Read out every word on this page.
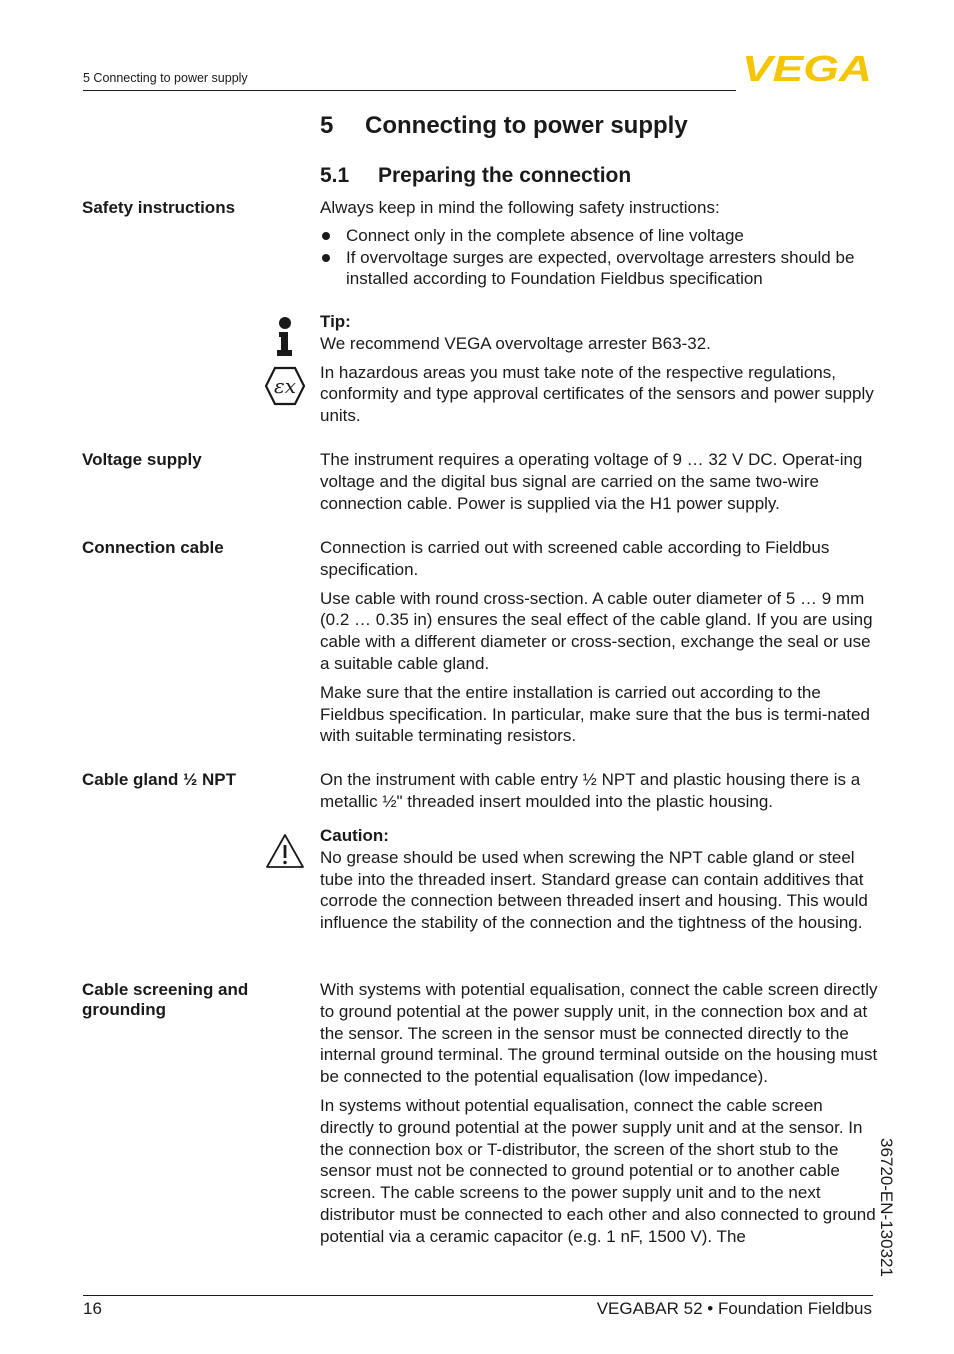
5 Connecting to power supply	VEGA
5 Connecting to power supply
5.1 Preparing the connection
Safety instructions	Always keep in mind the following safety instructions:

Connect only in the complete absence of line voltage
If overvoltage surges are expected, overvoltage arresters should be installed according to Foundation Fieldbus specification

Tip:

We recommend VEGA overvoltage arrester B63-32.

In hazardous areas you must take note of the respective regulations, conformity and type approval certificates of the sensors and power supply units.

εx
Voltage supply	The instrument requires a operating voltage of 9 … 32 V DC. Operat-ing voltage and the digital bus signal are carried on the same two-wire connection cable. Power is supplied via the H1 power supply.
Connection cable	Connection is carried out with screened cable according to Fieldbus specification.

Use cable with round cross-section. A cable outer diameter of 5 … 9 mm (0.2 … 0.35 in) ensures the seal effect of the cable gland. If you are using cable with a different diameter or cross-section, exchange the seal or use a suitable cable gland.

Make sure that the entire installation is carried out according to the Fieldbus specification. In particular, make sure that the bus is termi-nated with suitable terminating resistors.

Cable gland ½ NPT	On the instrument with cable entry ½ NPT and plastic housing there is a metallic ½" threaded insert moulded into the plastic housing.

Caution:

No grease should be used when screwing the NPT cable gland or steel tube into the threaded insert. Standard grease can contain additives that corrode the connection between threaded insert and housing. This would influence the stability of the connection and the tightness of the housing.

Cable screening and grounding

With systems with potential equalisation, connect the cable screen directly to ground potential at the power supply unit, in the connection box and at the sensor. The screen in the sensor must be connected directly to the internal ground terminal. The ground terminal outside on the housing must be connected to the potential equalisation (low impedance).

In systems without potential equalisation, connect the cable screen directly to ground potential at the power supply unit and at the sensor. In the connection box or T-distributor, the screen of the short stub to the sensor must not be connected to ground potential or to another cable screen. The cable screens to the power supply unit and to the next distributor must be connected to each other and also connected to ground potential via a ceramic capacitor (e.g. 1 nF, 1500 V). The	36720-EN-130321
16	VEGABAR 52 • Foundation Fieldbus
